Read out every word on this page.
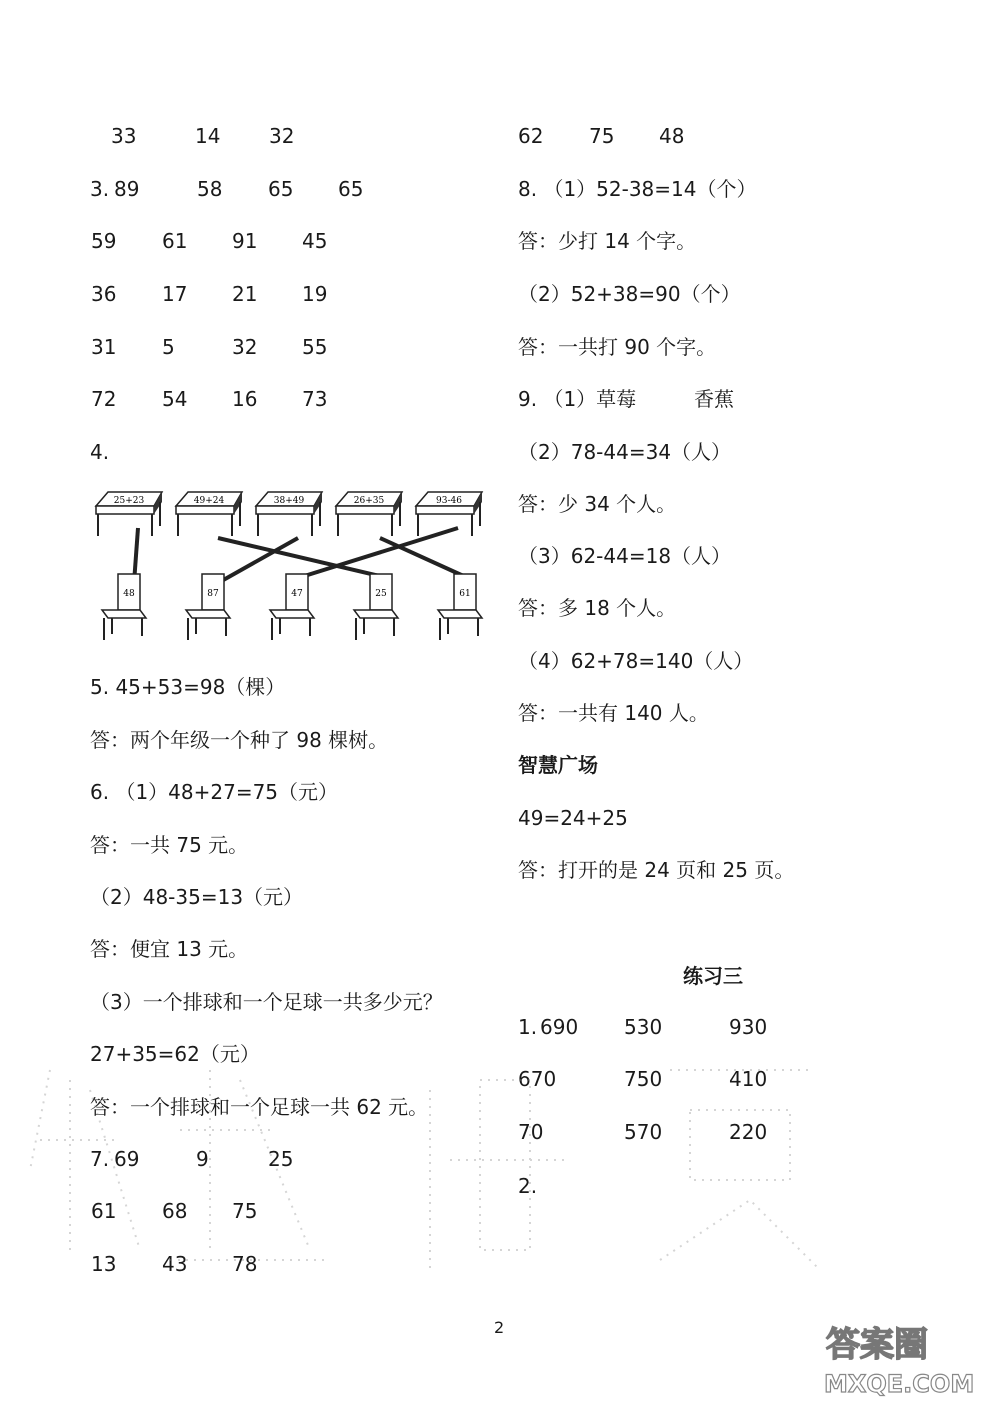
33	14 32
3. 89	58 65 65
59 61 91 45
36 17 21 19
31 5	32 55
72 54 16 73
4.
25+23	49+24	38+49	26+35	93-46
48	87	47	25	61
5. 45+53=98（棵）
答：两个年级一个种了 98 棵树。
6. （1）48+27=75（元）
答：一共 75 元。
（2）48-35=13（元）
答：便宜 13 元。
（3）一个排球和一个足球一共多少元？
27+35=62（元）
答：一个排球和一个足球一共 62 元。
7. 69	9	25
61 68 75
13 43 78
62 75 48
8. （1）52-38=14（个）
答：少打 14 个字。
（2）52+38=90（个）
答：一共打 90 个字。
9. （1）草莓	香蕉
（2）78-44=34（人）
答：少 34 个人。
（3）62-44=18（人）
答：多 18 个人。
（4）62+78=140（人）
答：一共有 140 人。
智慧广场
49=24+25
答：打开的是 24 页和 25 页。
练习三
1. 690 530	930
670	750	410
70	570	220
2.
2	答案圈
MXQE.COM
